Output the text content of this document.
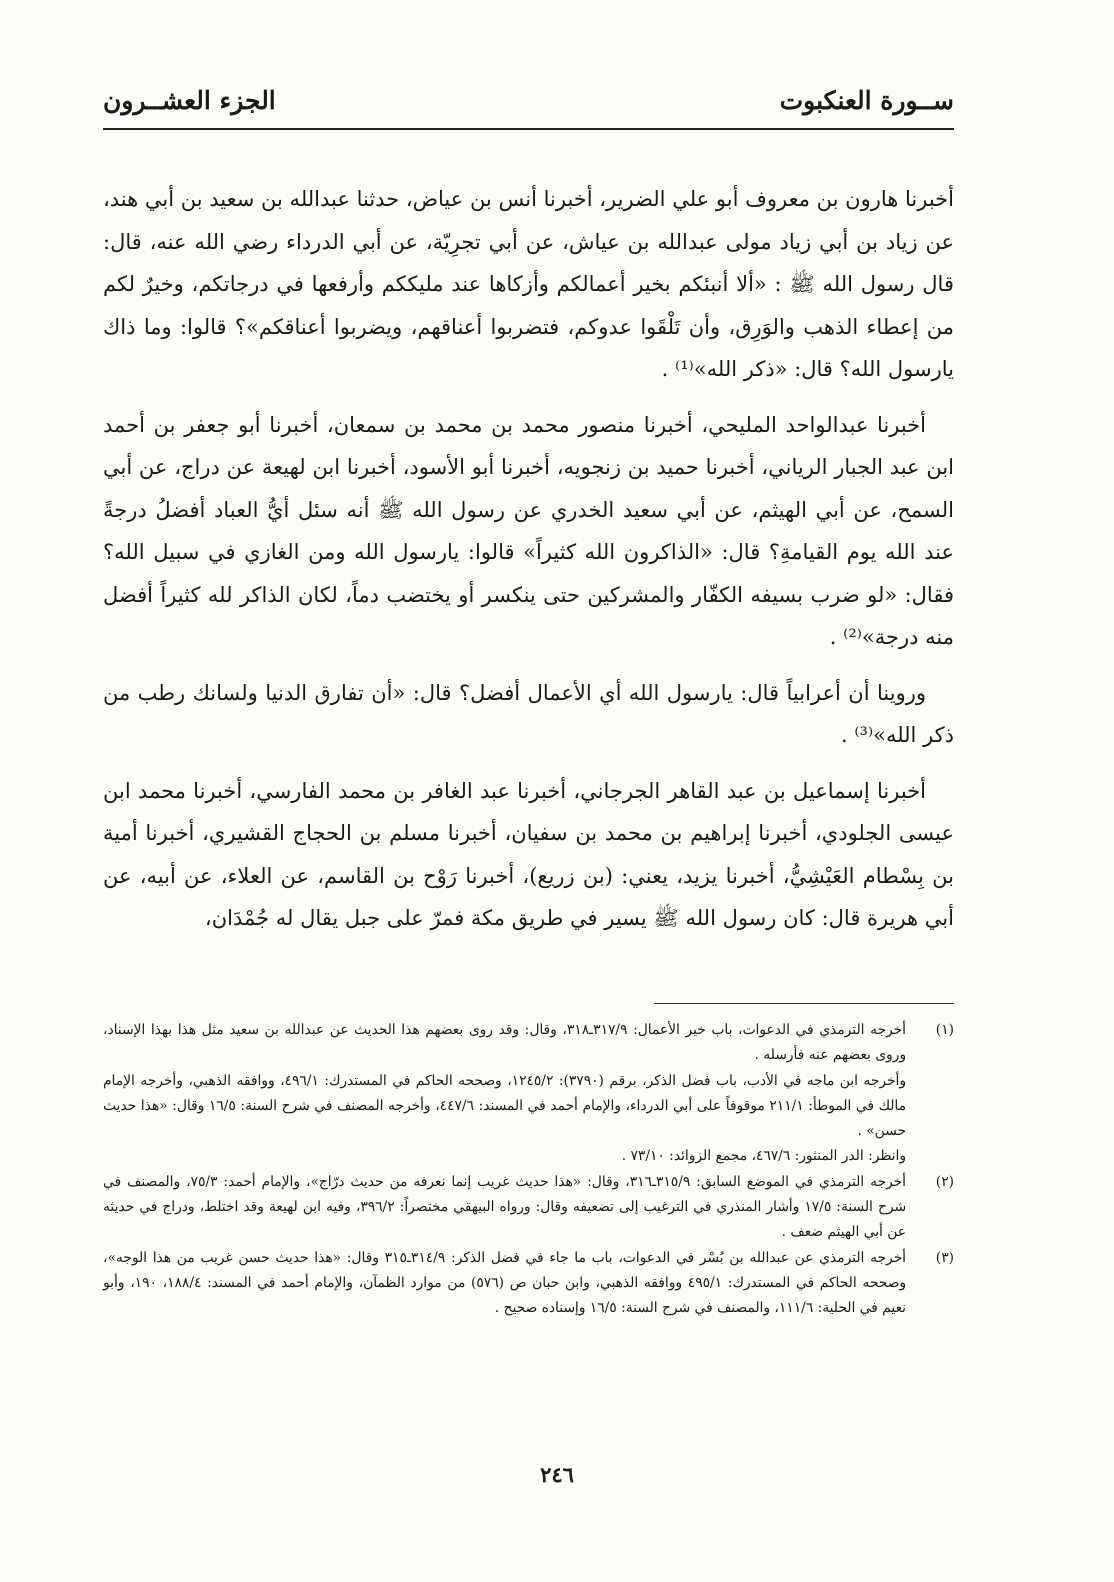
ســورة العنكبوت
الجزء العشــرون

أخبرنا هارون بن معروف أبو علي الضرير، أخبرنا أنس بن عياض، حدثنا عبدالله بن سعيد بن أبي هند، عن زياد بن أبي زياد مولى عبدالله بن عياش، عن أبي تجرِيّة، عن أبي الدرداء رضي الله عنه، قال: قال رسول الله ﷺ : «ألا أنبئكم بخير أعمالكم وأزكاها عند مليككم وأرفعها في درجاتكم، وخيرٌ لكم من إعطاء الذهب والوَرِق، وأن تَلْقَوا عدوكم، فتضربوا أعناقهم، ويضربوا أعناقكم»؟ قالوا: وما ذاك يارسول الله؟ قال: «ذكر الله»⁽¹⁾ .

أخبرنا عبدالواحد المليحي، أخبرنا منصور محمد بن محمد بن سمعان، أخبرنا أبو جعفر بن أحمد ابن عبد الجبار الرياني، أخبرنا حميد بن زنجويه، أخبرنا أبو الأسود، أخبرنا ابن لهيعة عن دراج، عن أبي السمح، عن أبي الهيثم، عن أبي سعيد الخدري عن رسول الله ﷺ أنه سئل أيُّ العباد أفضلُ درجةً عند الله يوم القيامةِ؟ قال: «الذاكرون الله كثيراً» قالوا: يارسول الله ومن الغازي في سبيل الله؟ فقال: «لو ضرب بسيفه الكفّار والمشركين حتى ينكسر أو يختضب دماً، لكان الذاكر لله كثيراً أفضل منه درجة»⁽²⁾ .

وروينا أن أعرابياً قال: يارسول الله أي الأعمال أفضل؟ قال: «أن تفارق الدنيا ولسانك رطب من ذكر الله»⁽³⁾ .

أخبرنا إسماعيل بن عبد القاهر الجرجاني، أخبرنا عبد الغافر بن محمد الفارسي، أخبرنا محمد ابن عيسى الجلودي، أخبرنا إبراهيم بن محمد بن سفيان، أخبرنا مسلم بن الحجاج القشيري، أخبرنا أمية بن بِسْطام العَيْشِيُّ، أخبرنا يزيد، يعني: (بن زريع)، أخبرنا رَوْح بن القاسم، عن العلاء، عن أبيه، عن أبي هريرة قال: كان رسول الله ﷺ يسير في طريق مكة فمرّ على جبل يقال له جُمْدَان،

(١)
أخرجه الترمذي في الدعوات، باب خير الأعمال: ٣١٧/٩ـ٣١٨، وقال: وقد روى بعضهم هذا الحديث عن عبدالله بن سعيد مثل هذا بهذا الإسناد، وروى بعضهم عنه فأرسله .
وأخرجه ابن ماجه في الأدب، باب فضل الذكر، برقم (٣٧٩٠): ١٢٤٥/٢، وصححه الحاكم في المستدرك: ٤٩٦/١، ووافقه الذهبي، وأخرجه الإمام مالك في الموطأ: ٢١١/١ موقوفاً على أبي الدرداء، والإمام أحمد في المسند: ٤٤٧/٦، وأخرجه المصنف في شرح السنة: ١٦/٥ وقال: «هذا حديث حسن» .
وانظر: الدر المنثور: ٤٦٧/٦، مجمع الزوائد: ٧٣/١٠ .
(٢)
أخرجه الترمذي في الموضع السابق: ٣١٥/٩ـ٣١٦، وقال: «هذا حديث غريب إنما نعرفه من حديث درّاج»، والإمام أحمد: ٧٥/٣، والمصنف في شرح السنة: ١٧/٥ وأشار المنذري في الترغيب إلى تضعيفه وقال: ورواه البيهقي مختصراً: ٣٩٦/٢، وفيه ابن لهيعة وقد اختلط، ودراج في حديثه عن أبي الهيثم ضعف .
(٣)
أخرجه الترمذي عن عبدالله بن بُسْر في الدعوات، باب ما جاء في فضل الذكر: ٣١٤/٩ـ٣١٥ وقال: «هذا حديث حسن غريب من هذا الوجه»، وصححه الحاكم في المستدرك: ٤٩٥/١ ووافقه الذهبي، وابن حبان ص (٥٧٦) من موارد الظمآن، والإمام أحمد في المسند: ١٨٨/٤، ١٩٠، وأبو نعيم في الحلية: ١١١/٦، والمصنف في شرح السنة: ١٦/٥ وإسناده صحيح .
٢٤٦
